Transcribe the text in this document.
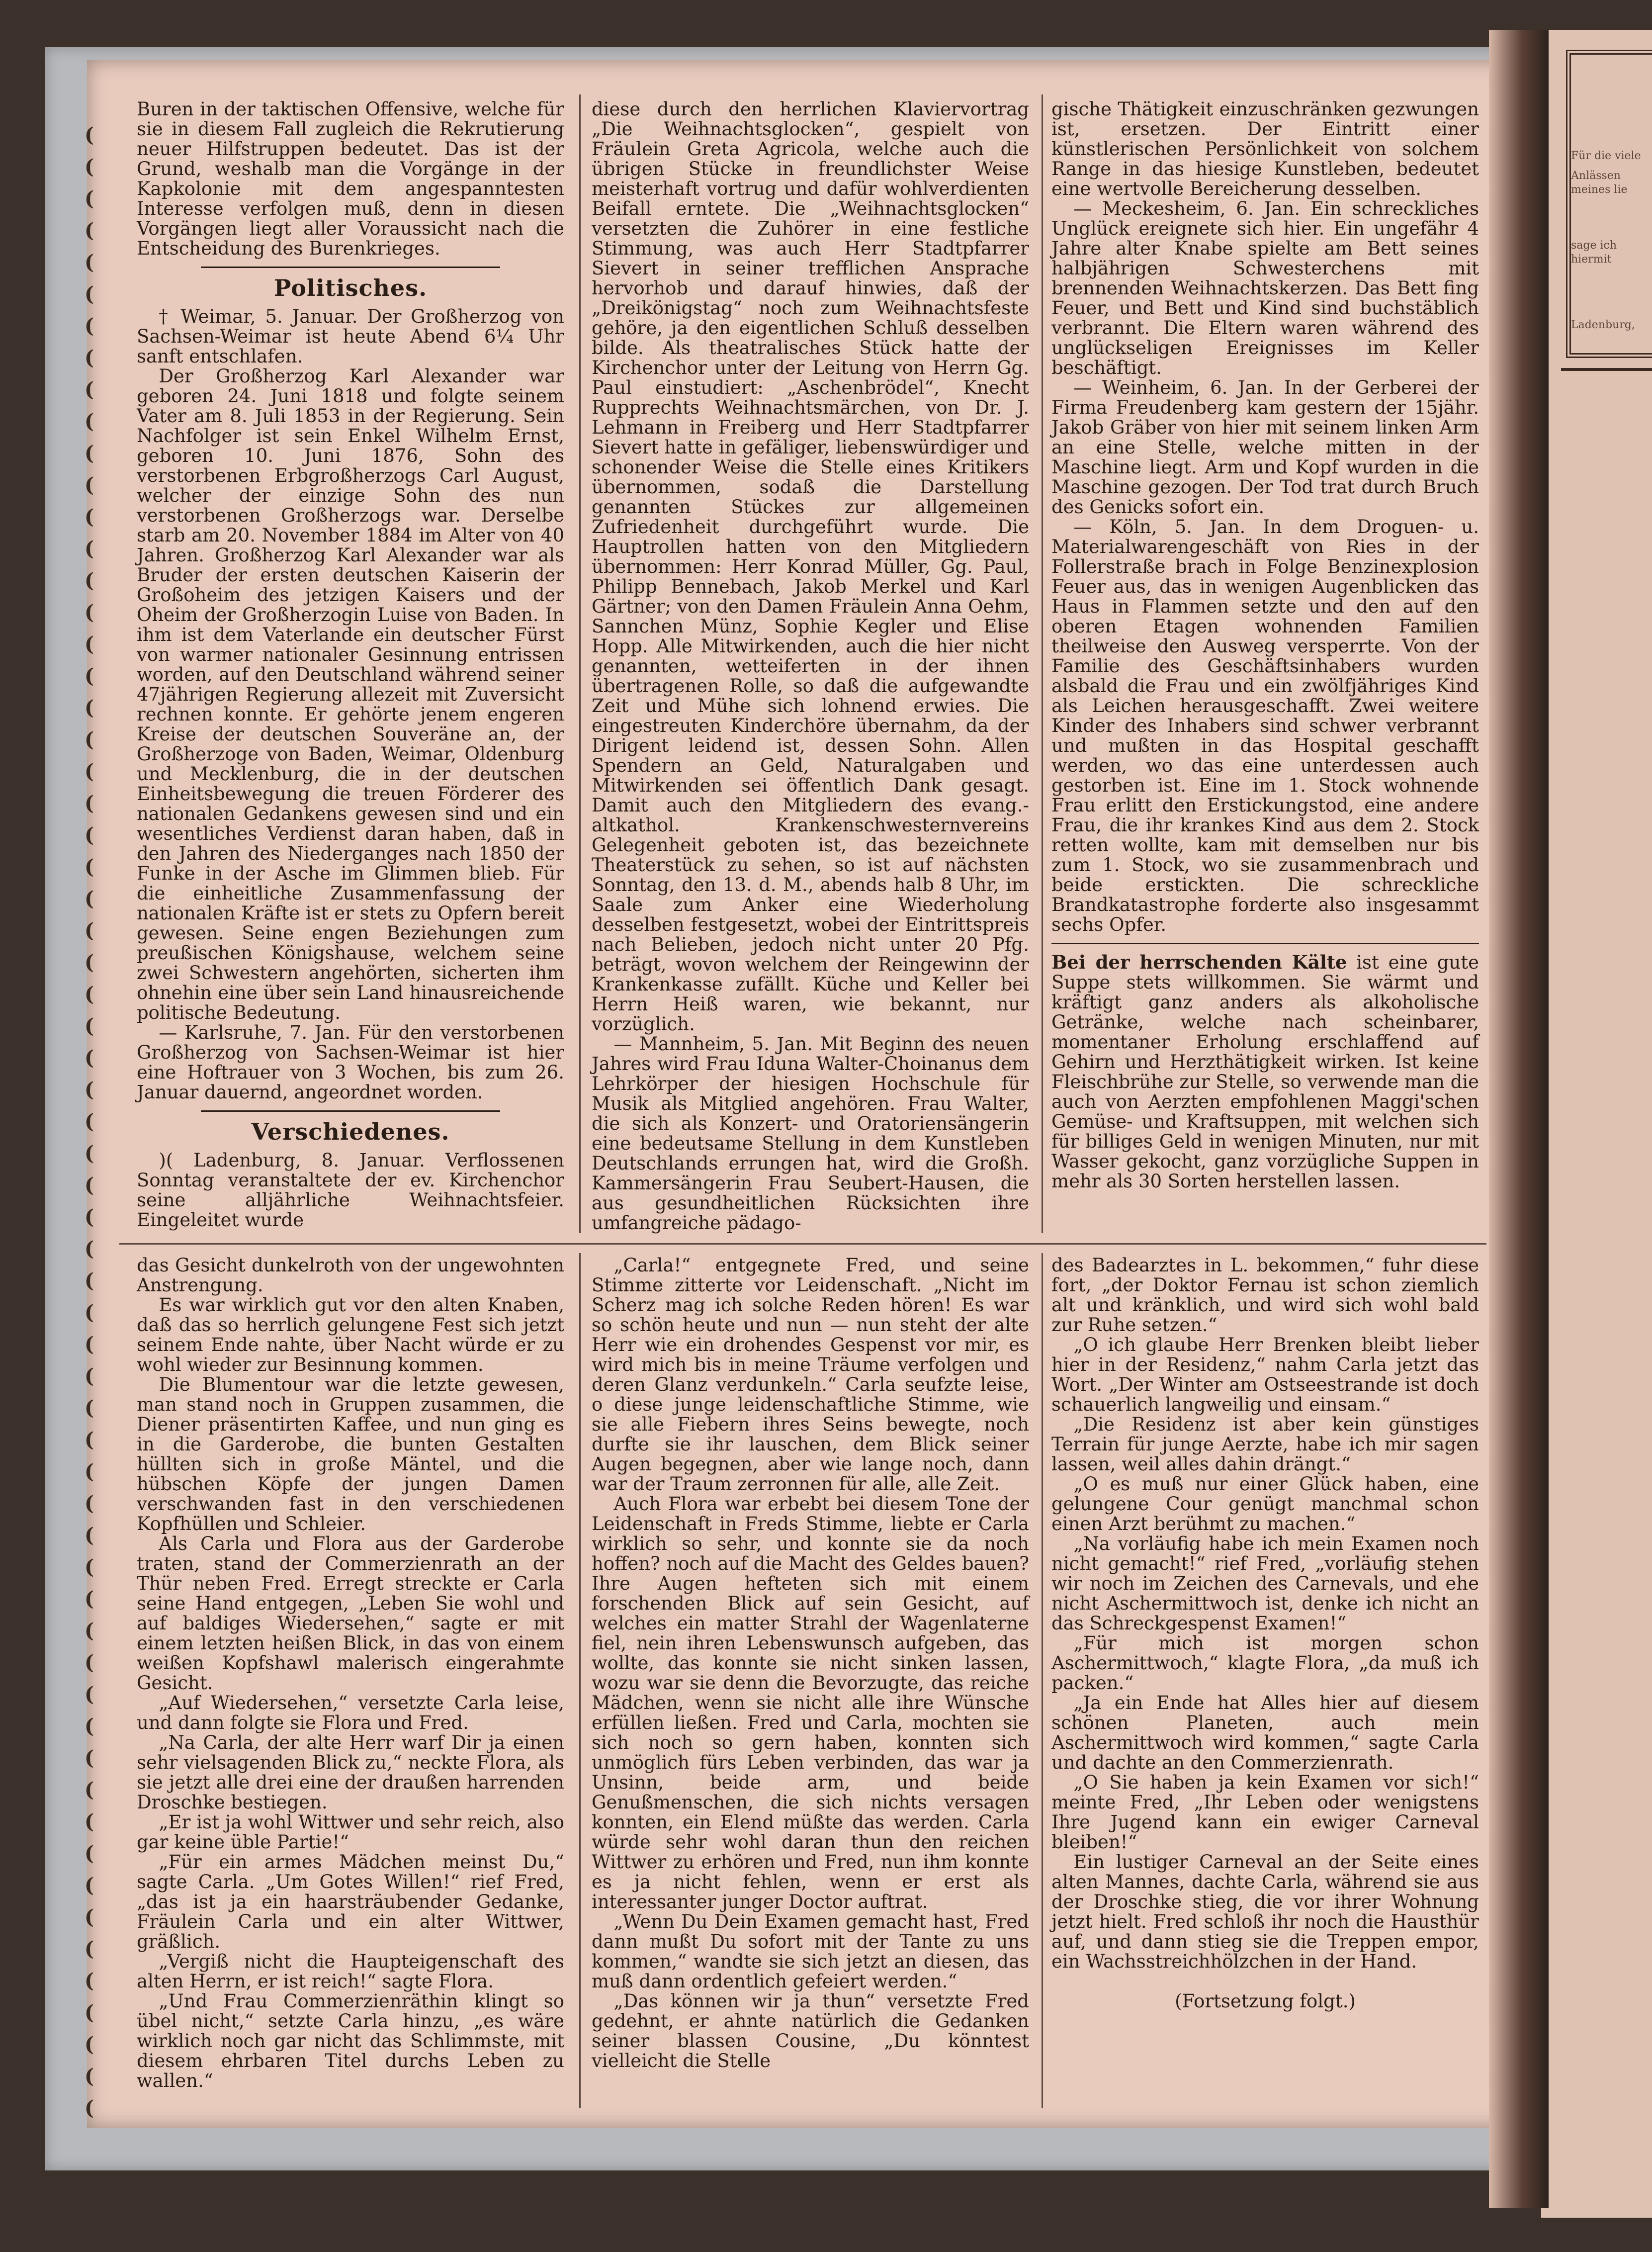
Für die viele
Anlässen meines lie
sage ich hiermit
Ladenburg,
(
(
(
(
(
(
(
(
(
(
(
(
(
(
(
(
(
(
(
(
(
(
(
(
(
(
(
(
(
(
(
(
(
(
(
(
(
(
(
(
(
(
(
(
(
(
(
(
(
(
(
(
(
(
(
(
(
(
(
(
(
(
(

Buren in der taktischen Offensive, welche für sie in diesem Fall zugleich die Rekrutierung neuer Hilfstruppen bedeutet. Das ist der Grund, weshalb man die Vorgänge in der Kapkolonie mit dem angespanntesten Interesse verfolgen muß, denn in diesen Vorgängen liegt aller Voraussicht nach die Entscheidung des Burenkrieges.

Politisches.

† Weimar, 5. Januar. Der Großherzog von Sachsen-Weimar ist heute Abend 6¼ Uhr sanft entschlafen.

Der Großherzog Karl Alexander war geboren 24. Juni 1818 und folgte seinem Vater am 8. Juli 1853 in der Regierung. Sein Nachfolger ist sein Enkel Wilhelm Ernst, geboren 10. Juni 1876, Sohn des verstorbenen Erbgroßherzogs Carl August, welcher der einzige Sohn des nun verstorbenen Großherzogs war. Derselbe starb am 20. November 1884 im Alter von 40 Jahren. Großherzog Karl Alexander war als Bruder der ersten deutschen Kaiserin der Großoheim des jetzigen Kaisers und der Oheim der Großherzogin Luise von Baden. In ihm ist dem Vaterlande ein deutscher Fürst von warmer nationaler Gesinnung entrissen worden, auf den Deutschland während seiner 47jährigen Regierung allezeit mit Zuversicht rechnen konnte. Er gehörte jenem engeren Kreise der deutschen Souveräne an, der Großherzoge von Baden, Weimar, Oldenburg und Mecklenburg, die in der deutschen Einheitsbewegung die treuen Förderer des nationalen Gedankens gewesen sind und ein wesentliches Verdienst daran haben, daß in den Jahren des Niederganges nach 1850 der Funke in der Asche im Glimmen blieb. Für die einheitliche Zusammenfassung der nationalen Kräfte ist er stets zu Opfern bereit gewesen. Seine engen Beziehungen zum preußischen Königshause, welchem seine zwei Schwestern angehörten, sicherten ihm ohnehin eine über sein Land hinausreichende politische Bedeutung.

— Karlsruhe, 7. Jan. Für den verstorbenen Großherzog von Sachsen-Weimar ist hier eine Hoftrauer von 3 Wochen, bis zum 26. Januar dauernd, angeordnet worden.

Verschiedenes.

)( Ladenburg, 8. Januar. Verflossenen Sonntag veranstaltete der ev. Kirchenchor seine alljährliche Weihnachtsfeier. Eingeleitet wurde

diese durch den herrlichen Klaviervortrag „Die Weihnachtsglocken“, gespielt von Fräulein Greta Agricola, welche auch die übrigen Stücke in freundlichster Weise meisterhaft vortrug und dafür wohlverdienten Beifall erntete. Die „Weihnachtsglocken“ versetzten die Zuhörer in eine festliche Stimmung, was auch Herr Stadtpfarrer Sievert in seiner trefflichen Ansprache hervorhob und darauf hinwies, daß der „Dreikönigstag“ noch zum Weihnachtsfeste gehöre, ja den eigentlichen Schluß desselben bilde. Als theatralisches Stück hatte der Kirchenchor unter der Leitung von Herrn Gg. Paul einstudiert: „Aschenbrödel“, Knecht Rupprechts Weihnachtsmärchen, von Dr. J. Lehmann in Freiberg und Herr Stadtpfarrer Sievert hatte in gefäliger, liebenswürdiger und schonender Weise die Stelle eines Kritikers übernommen, sodaß die Darstellung genannten Stückes zur allgemeinen Zufriedenheit durchgeführt wurde. Die Hauptrollen hatten von den Mitgliedern übernommen: Herr Konrad Müller, Gg. Paul, Philipp Bennebach, Jakob Merkel und Karl Gärtner; von den Damen Fräulein Anna Oehm, Sannchen Münz, Sophie Kegler und Elise Hopp. Alle Mitwirkenden, auch die hier nicht genannten, wetteiferten in der ihnen übertragenen Rolle, so daß die aufgewandte Zeit und Mühe sich lohnend erwies. Die eingestreuten Kinderchöre übernahm, da der Dirigent leidend ist, dessen Sohn. Allen Spendern an Geld, Naturalgaben und Mitwirkenden sei öffentlich Dank gesagt. Damit auch den Mitgliedern des evang.-altkathol. Krankenschwesternvereins Gelegenheit geboten ist, das bezeichnete Theaterstück zu sehen, so ist auf nächsten Sonntag, den 13. d. M., abends halb 8 Uhr, im Saale zum Anker eine Wiederholung desselben festgesetzt, wobei der Eintrittspreis nach Belieben, jedoch nicht unter 20 Pfg. beträgt, wovon welchem der Reingewinn der Krankenkasse zufällt. Küche und Keller bei Herrn Heiß waren, wie bekannt, nur vorzüglich.

— Mannheim, 5. Jan. Mit Beginn des neuen Jahres wird Frau Iduna Walter-Choinanus dem Lehrkörper der hiesigen Hochschule für Musik als Mitglied angehören. Frau Walter, die sich als Konzert- und Oratoriensängerin eine bedeutsame Stellung in dem Kunstleben Deutschlands errungen hat, wird die Großh. Kammersängerin Frau Seubert-Hausen, die aus gesundheitlichen Rücksichten ihre umfangreiche pädago-

gische Thätigkeit einzuschränken gezwungen ist, ersetzen. Der Eintritt einer künstlerischen Persönlichkeit von solchem Range in das hiesige Kunstleben, bedeutet eine wertvolle Bereicherung desselben.

— Meckesheim, 6. Jan. Ein schreckliches Unglück ereignete sich hier. Ein ungefähr 4 Jahre alter Knabe spielte am Bett seines halbjährigen Schwesterchens mit brennenden Weihnachtskerzen. Das Bett fing Feuer, und Bett und Kind sind buchstäblich verbrannt. Die Eltern waren während des unglückseligen Ereignisses im Keller beschäftigt.

— Weinheim, 6. Jan. In der Gerberei der Firma Freudenberg kam gestern der 15jähr. Jakob Gräber von hier mit seinem linken Arm an eine Stelle, welche mitten in der Maschine liegt. Arm und Kopf wurden in die Maschine gezogen. Der Tod trat durch Bruch des Genicks sofort ein.

— Köln, 5. Jan. In dem Droguen- u. Materialwarengeschäft von Ries in der Follerstraße brach in Folge Benzinexplosion Feuer aus, das in wenigen Augenblicken das Haus in Flammen setzte und den auf den oberen Etagen wohnenden Familien theilweise den Ausweg versperrte. Von der Familie des Geschäftsinhabers wurden alsbald die Frau und ein zwölfjähriges Kind als Leichen herausgeschafft. Zwei weitere Kinder des Inhabers sind schwer verbrannt und mußten in das Hospital geschafft werden, wo das eine unterdessen auch gestorben ist. Eine im 1. Stock wohnende Frau erlitt den Erstickungstod, eine andere Frau, die ihr krankes Kind aus dem 2. Stock retten wollte, kam mit demselben nur bis zum 1. Stock, wo sie zusammenbrach und beide erstickten. Die schreckliche Brandkatastrophe forderte also insgesammt sechs Opfer.

Bei der herrschenden Kälte ist eine gute Suppe stets willkommen. Sie wärmt und kräftigt ganz anders als alkoholische Getränke, welche nach scheinbarer, momentaner Erholung erschlaffend auf Gehirn und Herzthätigkeit wirken. Ist keine Fleischbrühe zur Stelle, so verwende man die auch von Aerzten empfohlenen Maggi'schen Gemüse- und Kraftsuppen, mit welchen sich für billiges Geld in wenigen Minuten, nur mit Wasser gekocht, ganz vorzügliche Suppen in mehr als 30 Sorten herstellen lassen.

das Gesicht dunkelroth von der ungewohnten Anstrengung.

Es war wirklich gut vor den alten Knaben, daß das so herrlich gelungene Fest sich jetzt seinem Ende nahte, über Nacht würde er zu wohl wieder zur Besinnung kommen.

Die Blumentour war die letzte gewesen, man stand noch in Gruppen zusammen, die Diener präsentirten Kaffee, und nun ging es in die Garderobe, die bunten Gestalten hüllten sich in große Mäntel, und die hübschen Köpfe der jungen Damen verschwanden fast in den verschiedenen Kopfhüllen und Schleier.

Als Carla und Flora aus der Garderobe traten, stand der Commerzienrath an der Thür neben Fred. Erregt streckte er Carla seine Hand entgegen, „Leben Sie wohl und auf baldiges Wiedersehen,“ sagte er mit einem letzten heißen Blick, in das von einem weißen Kopfshawl malerisch eingerahmte Gesicht.

„Auf Wiedersehen,“ versetzte Carla leise, und dann folgte sie Flora und Fred.

„Na Carla, der alte Herr warf Dir ja einen sehr vielsagenden Blick zu,“ neckte Flora, als sie jetzt alle drei eine der draußen harrenden Droschke bestiegen.

„Er ist ja wohl Wittwer und sehr reich, also gar keine üble Partie!“

„Für ein armes Mädchen meinst Du,“ sagte Carla. „Um Gotes Willen!“ rief Fred, „das ist ja ein haarsträubender Gedanke, Fräulein Carla und ein alter Wittwer, gräßlich.

„Vergiß nicht die Haupteigenschaft des alten Herrn, er ist reich!“ sagte Flora.

„Und Frau Commerzienräthin klingt so übel nicht,“ setzte Carla hinzu, „es wäre wirklich noch gar nicht das Schlimmste, mit diesem ehrbaren Titel durchs Leben zu wallen.“

„Carla!“ entgegnete Fred, und seine Stimme zitterte vor Leidenschaft. „Nicht im Scherz mag ich solche Reden hören! Es war so schön heute und nun — nun steht der alte Herr wie ein drohendes Gespenst vor mir, es wird mich bis in meine Träume verfolgen und deren Glanz verdunkeln.“ Carla seufzte leise, o diese junge leidenschaftliche Stimme, wie sie alle Fiebern ihres Seins bewegte, noch durfte sie ihr lauschen, dem Blick seiner Augen begegnen, aber wie lange noch, dann war der Traum zerronnen für alle, alle Zeit.

Auch Flora war erbebt bei diesem Tone der Leidenschaft in Freds Stimme, liebte er Carla wirklich so sehr, und konnte sie da noch hoffen? noch auf die Macht des Geldes bauen? Ihre Augen hefteten sich mit einem forschenden Blick auf sein Gesicht, auf welches ein matter Strahl der Wagenlaterne fiel, nein ihren Lebenswunsch aufgeben, das wollte, das konnte sie nicht sinken lassen, wozu war sie denn die Bevorzugte, das reiche Mädchen, wenn sie nicht alle ihre Wünsche erfüllen ließen. Fred und Carla, mochten sie sich noch so gern haben, konnten sich unmöglich fürs Leben verbinden, das war ja Unsinn, beide arm, und beide Genußmenschen, die sich nichts versagen konnten, ein Elend müßte das werden. Carla würde sehr wohl daran thun den reichen Wittwer zu erhören und Fred, nun ihm konnte es ja nicht fehlen, wenn er erst als interessanter junger Doctor auftrat.

„Wenn Du Dein Examen gemacht hast, Fred dann mußt Du sofort mit der Tante zu uns kommen,“ wandte sie sich jetzt an diesen, das muß dann ordentlich gefeiert werden.“

„Das können wir ja thun“ versetzte Fred gedehnt, er ahnte natürlich die Gedanken seiner blassen Cousine, „Du könntest vielleicht die Stelle

des Badearztes in L. bekommen,“ fuhr diese fort, „der Doktor Fernau ist schon ziemlich alt und kränklich, und wird sich wohl bald zur Ruhe setzen.“

„O ich glaube Herr Brenken bleibt lieber hier in der Residenz,“ nahm Carla jetzt das Wort. „Der Winter am Ostseestrande ist doch schauerlich langweilig und einsam.“

„Die Residenz ist aber kein günstiges Terrain für junge Aerzte, habe ich mir sagen lassen, weil alles dahin drängt.“

„O es muß nur einer Glück haben, eine gelungene Cour genügt manchmal schon einen Arzt berühmt zu machen.“

„Na vorläufig habe ich mein Examen noch nicht gemacht!“ rief Fred, „vorläufig stehen wir noch im Zeichen des Carnevals, und ehe nicht Aschermittwoch ist, denke ich nicht an das Schreckgespenst Examen!“

„Für mich ist morgen schon Aschermittwoch,“ klagte Flora, „da muß ich packen.“

„Ja ein Ende hat Alles hier auf diesem schönen Planeten, auch mein Aschermittwoch wird kommen,“ sagte Carla und dachte an den Commerzienrath.

„O Sie haben ja kein Examen vor sich!“ meinte Fred, „Ihr Leben oder wenigstens Ihre Jugend kann ein ewiger Carneval bleiben!“

Ein lustiger Carneval an der Seite eines alten Mannes, dachte Carla, während sie aus der Droschke stieg, die vor ihrer Wohnung jetzt hielt. Fred schloß ihr noch die Hausthür auf, und dann stieg sie die Treppen empor, ein Wachsstreichhölzchen in der Hand.

(Fortsetzung folgt.)
